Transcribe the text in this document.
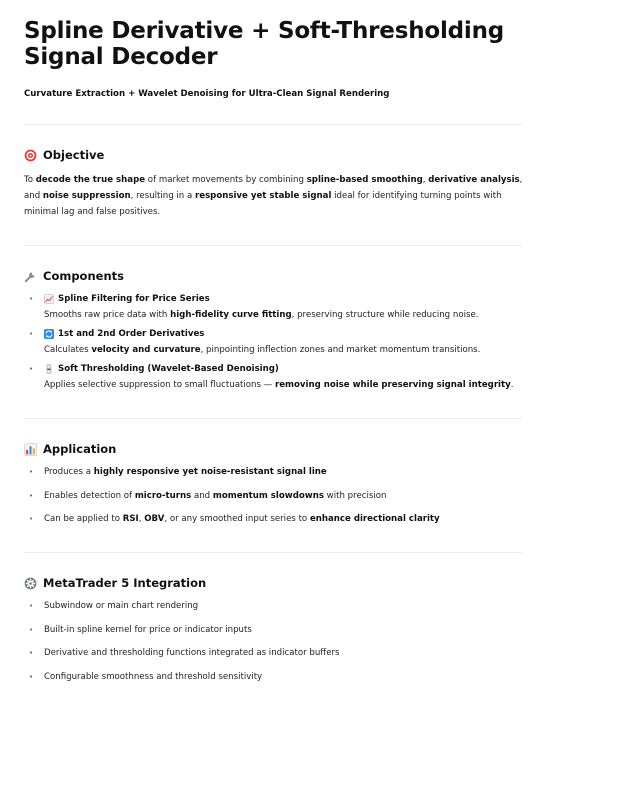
Spline Derivative + Soft-Thresholding Signal Decoder
Curvature Extraction + Wavelet Denoising for Ultra-Clean Signal Rendering
Objective

To decode the true shape of market movements by combining spline-based smoothing, derivative analysis, and noise suppression, resulting in a responsive yet stable signal ideal for identifying turning points with minimal lag and false positives.

Components
• Spline Filtering for Price Series
Smooths raw price data with high-fidelity curve fitting, preserving structure while reducing noise.
• 1st and 2nd Order Derivatives
Calculates velocity and curvature, pinpointing inflection zones and market momentum transitions.
• Soft Thresholding (Wavelet-Based Denoising)
Applies selective suppression to small fluctuations — removing noise while preserving signal integrity.
Application
• Produces a highly responsive yet noise-resistant signal line
• Enables detection of micro-turns and momentum slowdowns with precision
• Can be applied to RSI, OBV, or any smoothed input series to enhance directional clarity
MetaTrader 5 Integration
• Subwindow or main chart rendering
• Built-in spline kernel for price or indicator inputs
• Derivative and thresholding functions integrated as indicator buffers
• Configurable smoothness and threshold sensitivity
